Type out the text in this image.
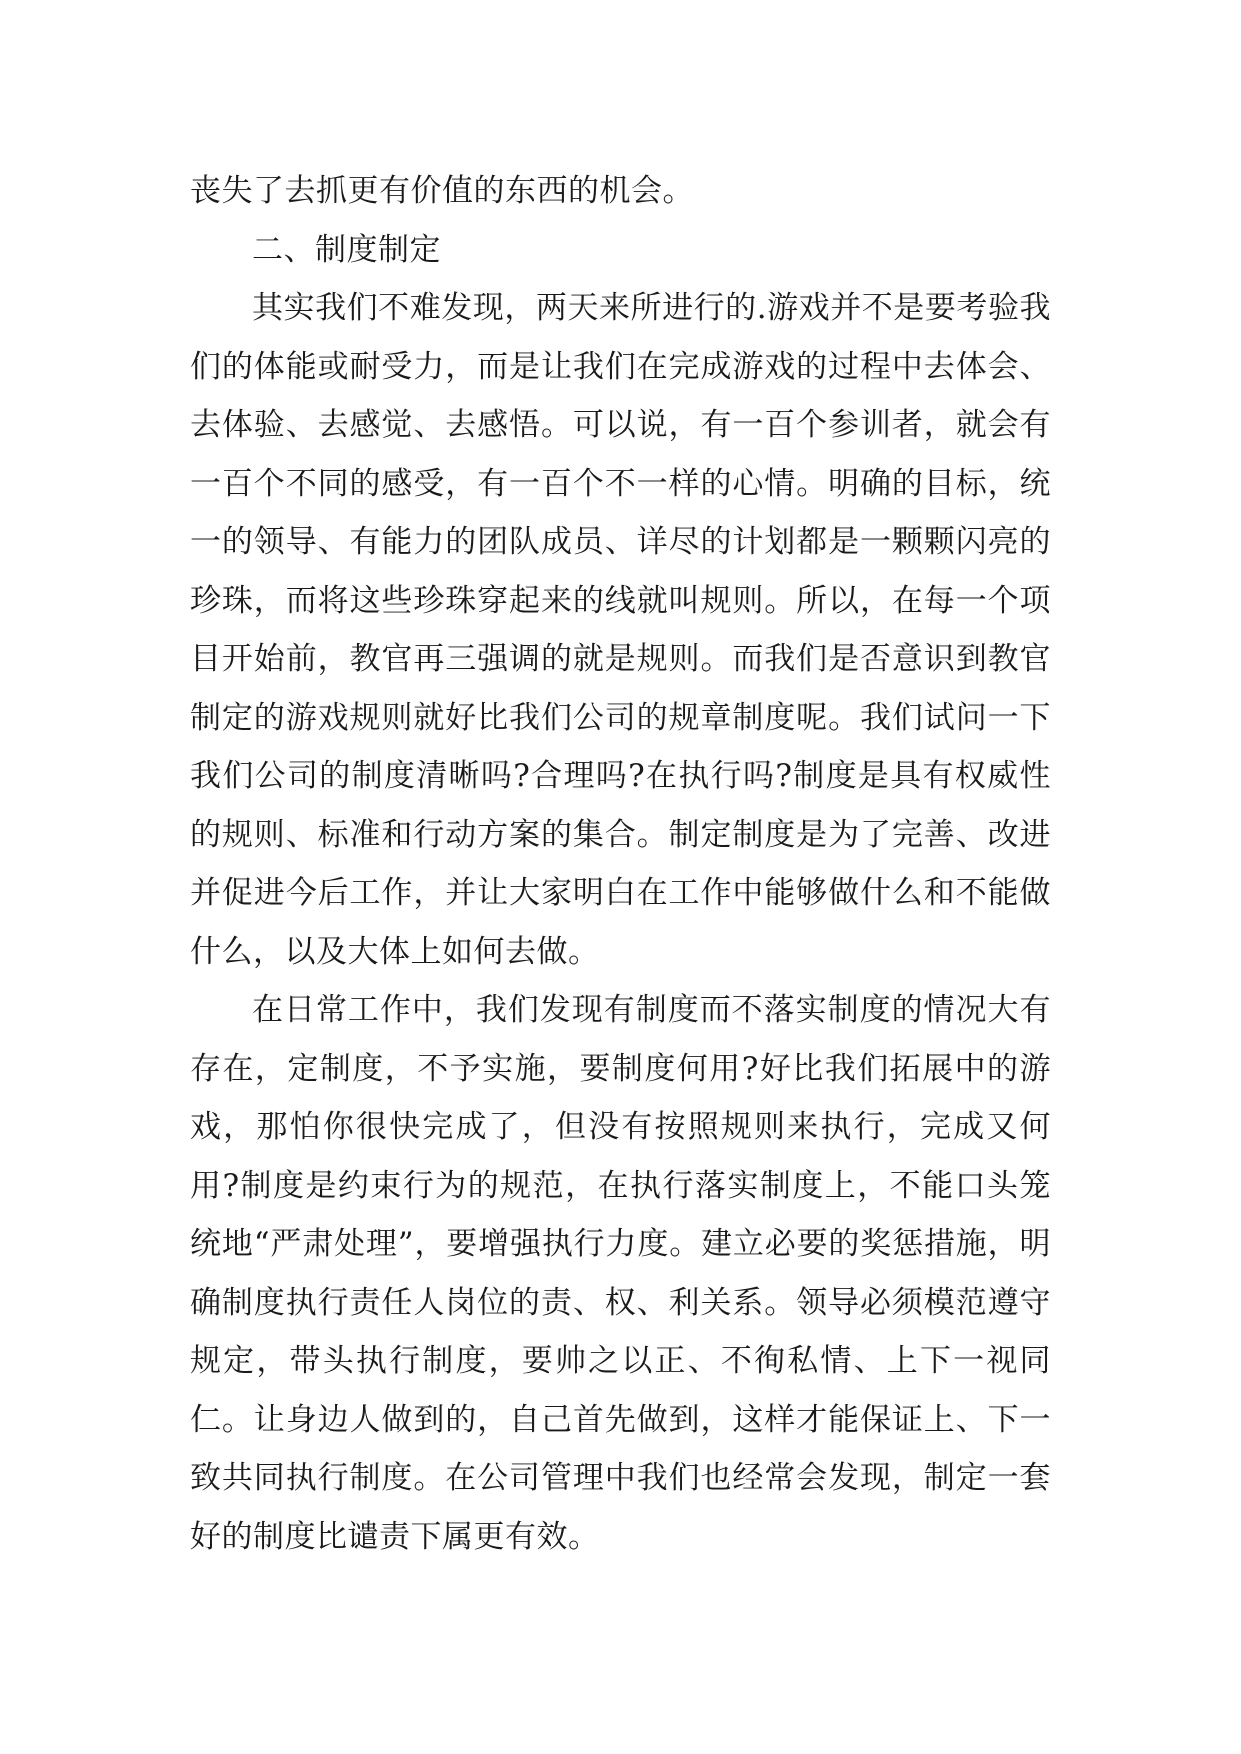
丧失了去抓更有价值的东西的机会。

二、制度制定

其实我们不难发现，两天来所进行的.游戏并不是要考验我们的体能或耐受力，而是让我们在完成游戏的过程中去体会、去体验、去感觉、去感悟。可以说，有一百个参训者，就会有一百个不同的感受，有一百个不一样的心情。明确的目标，统一的领导、有能力的团队成员、详尽的计划都是一颗颗闪亮的珍珠，而将这些珍珠穿起来的线就叫规则。所以，在每一个项目开始前，教官再三强调的就是规则。而我们是否意识到教官制定的游戏规则就好比我们公司的规章制度呢。我们试问一下我们公司的制度清晰吗?合理吗?在执行吗?制度是具有权威性的规则、标准和行动方案的集合。制定制度是为了完善、改进并促进今后工作，并让大家明白在工作中能够做什么和不能做什么，以及大体上如何去做。

在日常工作中，我们发现有制度而不落实制度的情况大有存在，定制度，不予实施，要制度何用?好比我们拓展中的游戏，那怕你很快完成了，但没有按照规则来执行，完成又何用?制度是约束行为的规范，在执行落实制度上，不能口头笼统地“严肃处理”，要增强执行力度。建立必要的奖惩措施，明确制度执行责任人岗位的责、权、利关系。领导必须模范遵守规定，带头执行制度，要帅之以正、不徇私情、上下一视同仁。让身边人做到的，自己首先做到，这样才能保证上、下一致共同执行制度。在公司管理中我们也经常会发现，制定一套好的制度比谴责下属更有效。
